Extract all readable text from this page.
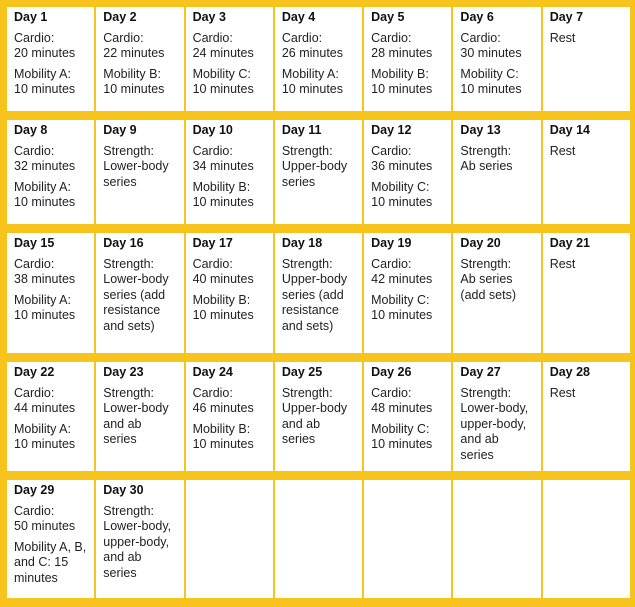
Day 1
Cardio:
20 minutes
Mobility A:
10 minutes
Day 2
Cardio:
22 minutes
Mobility B:
10 minutes
Day 3
Cardio:
24 minutes
Mobility C:
10 minutes
Day 4
Cardio:
26 minutes
Mobility A:
10 minutes
Day 5
Cardio:
28 minutes
Mobility B:
10 minutes
Day 6
Cardio:
30 minutes
Mobility C:
10 minutes
Day 7
Rest
Day 8
Cardio:
32 minutes
Mobility A:
10 minutes
Day 9
Strength:
Lower-body
series
Day 10
Cardio:
34 minutes
Mobility B:
10 minutes
Day 11
Strength:
Upper-body
series
Day 12
Cardio:
36 minutes
Mobility C:
10 minutes
Day 13
Strength:
Ab series
Day 14
Rest
Day 15
Cardio:
38 minutes
Mobility A:
10 minutes
Day 16
Strength:
Lower-body
series (add
resistance
and sets)
Day 17
Cardio:
40 minutes
Mobility B:
10 minutes
Day 18
Strength:
Upper-body
series (add
resistance
and sets)
Day 19
Cardio:
42 minutes
Mobility C:
10 minutes
Day 20
Strength:
Ab series
(add sets)
Day 21
Rest
Day 22
Cardio:
44 minutes
Mobility A:
10 minutes
Day 23
Strength:
Lower-body
and ab
series
Day 24
Cardio:
46 minutes
Mobility B:
10 minutes
Day 25
Strength:
Upper-body
and ab
series
Day 26
Cardio:
48 minutes
Mobility C:
10 minutes
Day 27
Strength:
Lower-body,
upper-body,
and ab
series
Day 28
Rest
Day 29
Cardio:
50 minutes
Mobility A, B,
and C: 15
minutes
Day 30
Strength:
Lower-body,
upper-body,
and ab
series
